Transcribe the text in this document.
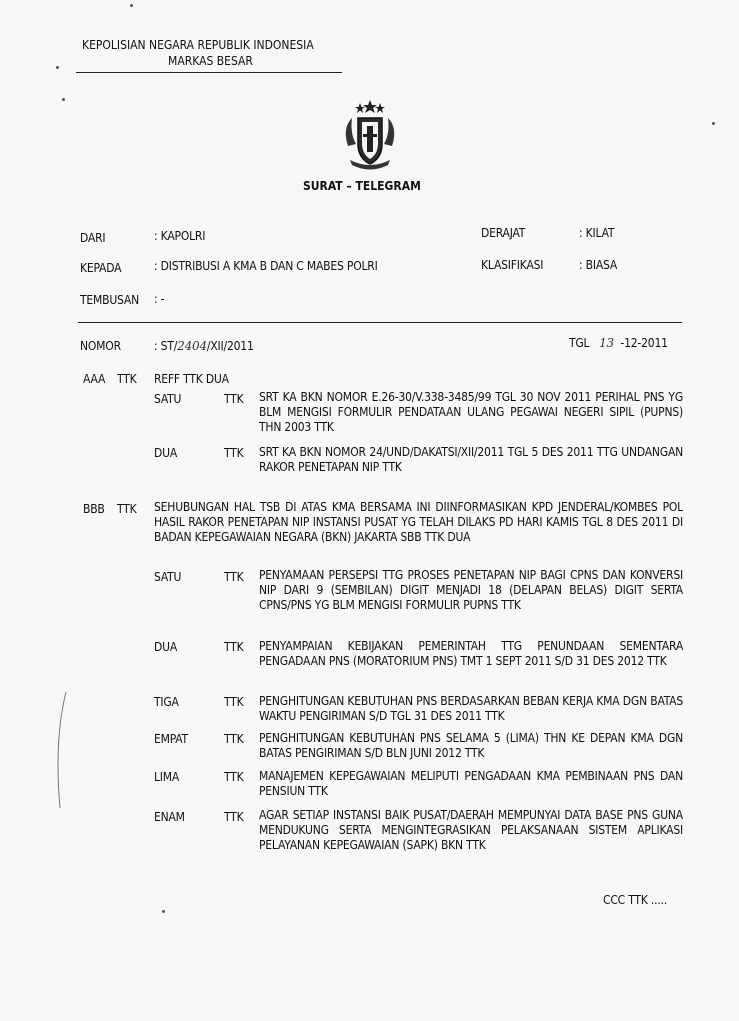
KEPOLISIAN NEGARA REPUBLIK INDONESIA
MARKAS BESAR
SURAT – TELEGRAM
DARI	: KAPOLRI	DERAJAT	: KILAT
KEPADA	: DISTRIBUSI A KMA B DAN C MABES POLRI	KLASIFIKASI	: BIASA
TEMBUSAN : -
NOMOR	: ST/2404/XII/2011	TGL 13 -12-2011
AAA TTK REFF TTK DUA
SATU	TTK SRT KA BKN NOMOR E.26-30/V.338-3485/99 TGL 30 NOV 2011 PERIHAL PNS YG BLM MENGISI FORMULIR PENDATAAN ULANG PEGAWAI NEGERI SIPIL (PUPNS) THN 2003 TTK
DUA	TTK SRT KA BKN NOMOR 24/UND/DAKATSI/XII/2011 TGL 5 DES 2011 TTG UNDANGAN RAKOR PENETAPAN NIP TTK
BBB TTK SEHUBUNGAN HAL TSB DI ATAS KMA BERSAMA INI DIINFORMASIKAN KPD JENDERAL/KOMBES POL HASIL RAKOR PENETAPAN NIP INSTANSI PUSAT YG TELAH DILAKS PD HARI KAMIS TGL 8 DES 2011 DI BADAN KEPEGAWAIAN NEGARA (BKN) JAKARTA SBB TTK DUA
SATU	TTK PENYAMAAN PERSEPSI TTG PROSES PENETAPAN NIP BAGI CPNS DAN KONVERSI NIP DARI 9 (SEMBILAN) DIGIT MENJADI 18 (DELAPAN BELAS) DIGIT SERTA CPNS/PNS YG BLM MENGISI FORMULIR PUPNS TTK
DUA	TTK PENYAMPAIAN KEBIJAKAN PEMERINTAH TTG PENUNDAAN SEMENTARA PENGADAAN PNS (MORATORIUM PNS) TMT 1 SEPT 2011 S/D 31 DES 2012 TTK
TIGA	TTK PENGHITUNGAN KEBUTUHAN PNS BERDASARKAN BEBAN KERJA KMA DGN BATAS WAKTU PENGIRIMAN S/D TGL 31 DES 2011 TTK
EMPAT	TTK PENGHITUNGAN KEBUTUHAN PNS SELAMA 5 (LIMA) THN KE DEPAN KMA DGN BATAS PENGIRIMAN S/D BLN JUNI 2012 TTK
LIMA	TTK MANAJEMEN KEPEGAWAIAN MELIPUTI PENGADAAN KMA PEMBINAAN PNS DAN PENSIUN TTK
ENAM	TTK AGAR SETIAP INSTANSI BAIK PUSAT/DAERAH MEMPUNYAI DATA BASE PNS GUNA MENDUKUNG SERTA MENGINTEGRASIKAN PELAKSANAAN SISTEM APLIKASI PELAYANAN KEPEGAWAIAN (SAPK) BKN TTK
CCC TTK .....
